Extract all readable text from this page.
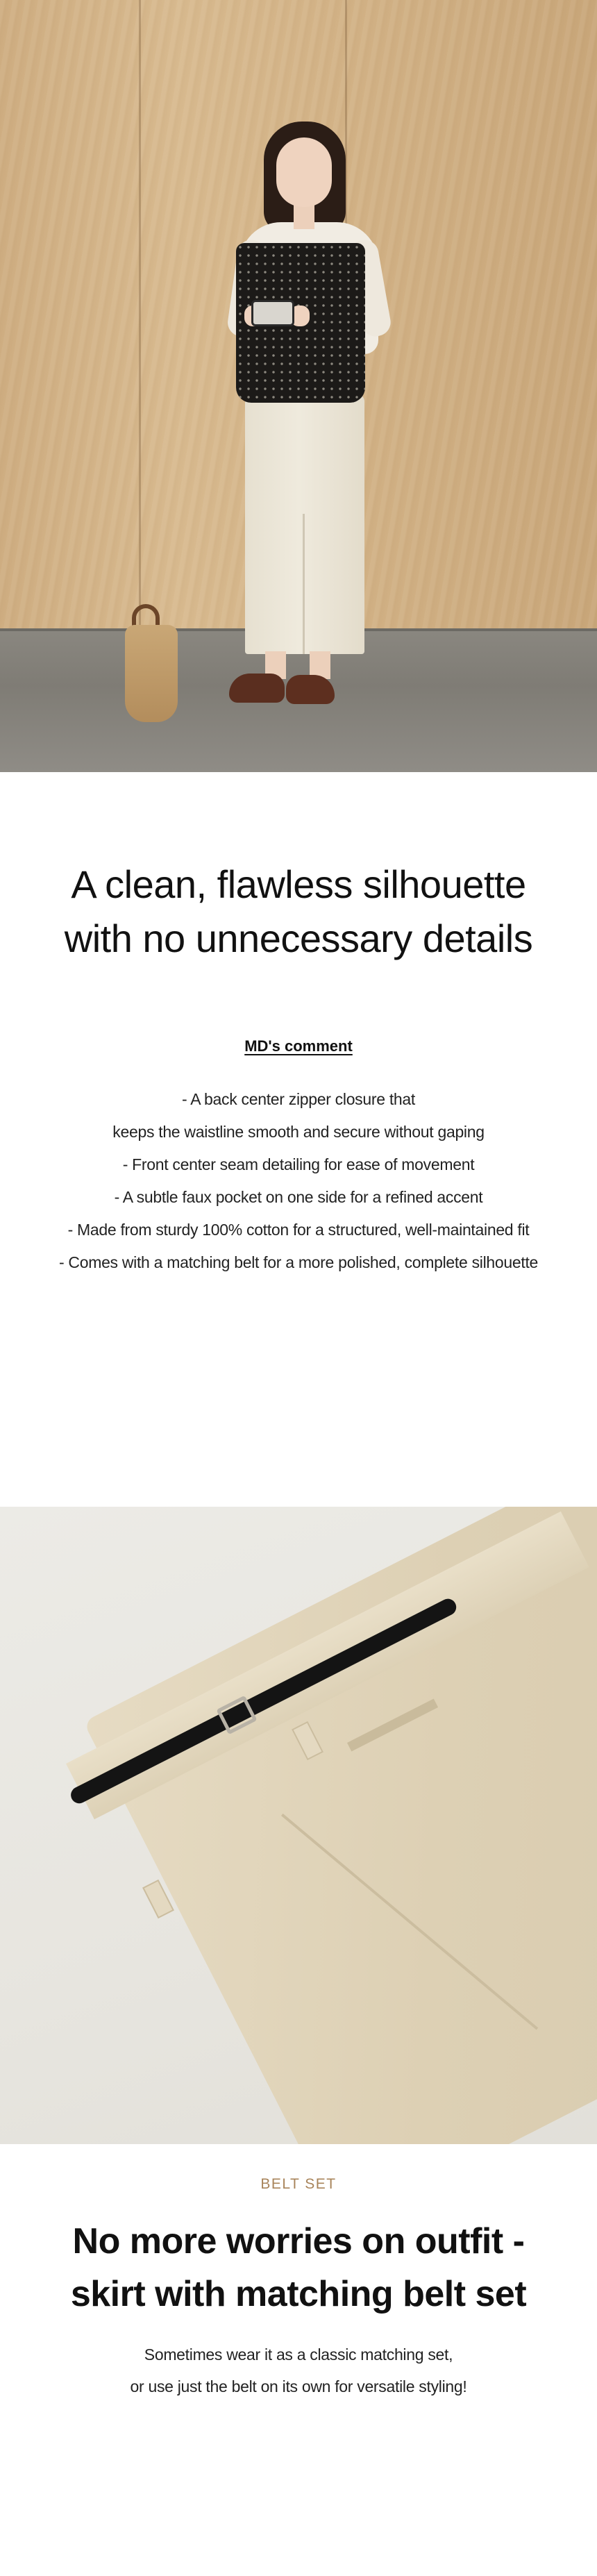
A clean, flawless silhouette
with no unnecessary details
MD's comment
- A back center zipper closure that
keeps the waistline smooth and secure without gaping
- Front center seam detailing for ease of movement
- A subtle faux pocket on one side for a refined accent
- Made from sturdy 100% cotton for a structured, well-maintained fit
- Comes with a matching belt for a more polished, complete silhouette
BELT SET
No more worries on outfit -
skirt with matching belt set

Sometimes wear it as a classic matching set,
or use just the belt on its own for versatile styling!
